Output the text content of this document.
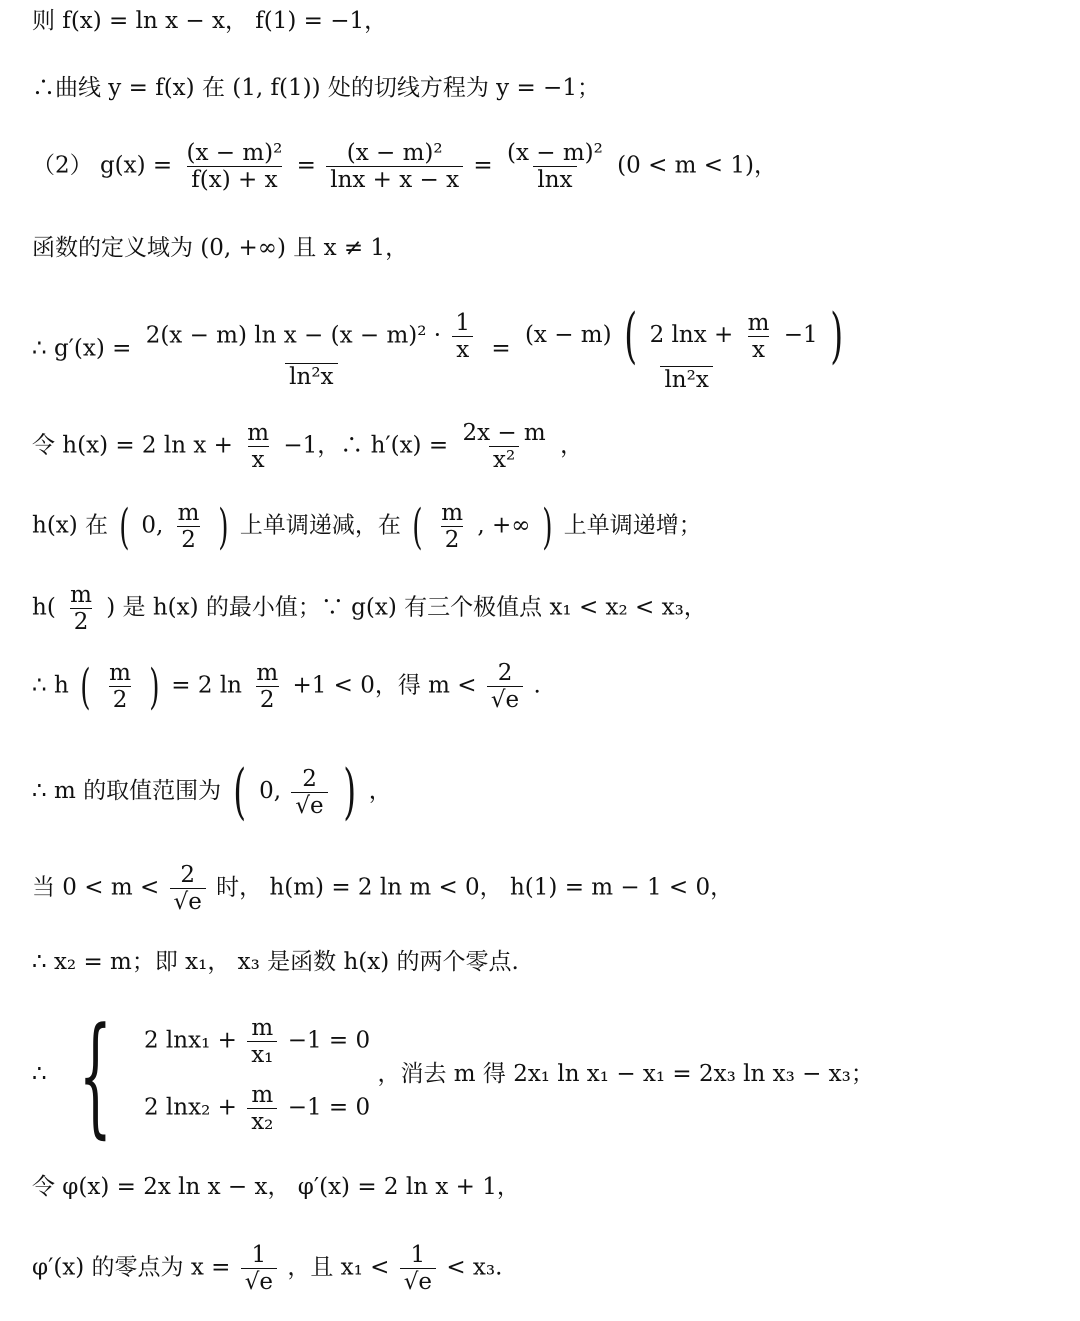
则 f(x) = ln x − x， f(1) = −1，
∴曲线 y = f(x) 在 (1, f(1)) 处的切线方程为 y = −1；
（2） $g(x) = \frac{\text{(x − m)²}}{f(x) + x} = \frac{\text{(x − m)²}}{\ln x + x - x} = \frac{\text{(x − m)²}}{\ln x} (0 < m < 1)$，
函数的定义域为 (0, +∞) 且 x ≠ 1，
∴ $g'(x) = \frac{2(x - m) \ln x - (x - m)^2 \cdot \frac{1}{x}}{\text{ln²x}}$ =
(x − m) ( 2 $\ln x + \frac{m}{x} -1$ )
ln²x
令 h(x) = 2 $\ln x + \frac{m}{x} -1$，∴ $h'(x) = \frac{2x - m}{\text{x²}}$ ，
h(x) 在 ( 0, $\frac{m}{2}$ ) 上单调递减，在 ( $\frac{m}{2}$ , +∞ ) 上单调递增；
$h( \frac{m}{2}$ ) 是 h(x) 的最小值；∵ g(x) 有三个极值点 x₁ < x₂ < x₃，
∴ h ( $\frac{m}{2}$ ) = 2 $\ln \frac{m}{2} +1 < 0$，得 $m < \frac{2}{√e}$ .
∴ m 的取值范围为 ( 0, $\frac{2}{√e}$ ) ，
当 $0 < m < \frac{2}{√e}$ 时， h(m) = 2 ln m < 0， h(1) = m − 1 < 0，
∴ x₂ = m；即 x₁， x₃ 是函数 h(x) 的两个零点.
∴ { 2 $\ln x_1 + \frac{m}{\text{x₁}} -1 = 0$
2 $\ln x_2 + \frac{m}{\text{x₂}} -1 = 0$
，消去 m 得 2x₁ ln x₁ − x₁ = 2x₃ ln x₃ − x₃；
令 φ(x) = 2x ln x − x， φ′(x) = 2 ln x + 1，
φ′(x) 的零点为 $x = \frac{1}{√e}$ ，且 $x_1 < \frac{1}{√e} < x_3$.
